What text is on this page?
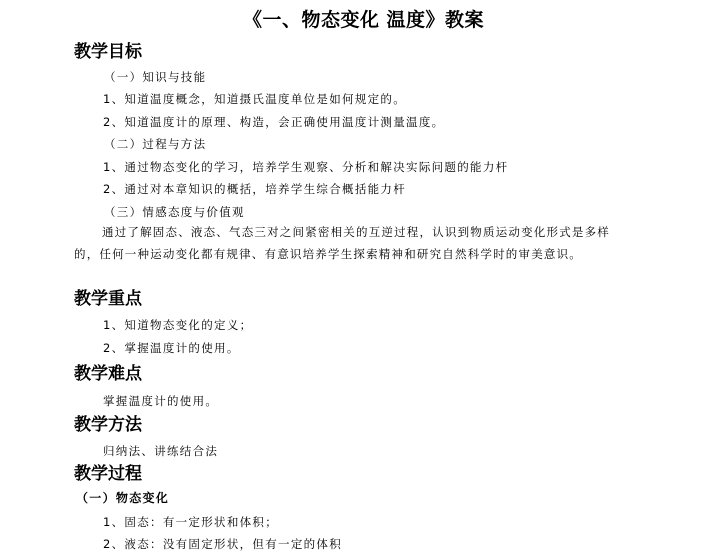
《一、物态变化 温度》教案
教学目标
（一）知识与技能
1、知道温度概念，知道摄氏温度单位是如何规定的。
2、知道温度计的原理、构造，会正确使用温度计测量温度。
（二）过程与方法
1、通过物态变化的学习，培养学生观察、分析和解决实际问题的能力杆
2、通过对本章知识的概括，培养学生综合概括能力杆
（三）情感态度与价值观
通过了解固态、液态、气态三对之间紧密相关的互逆过程，认识到物质运动变化形式是多样的，任何一种运动变化都有规律、有意识培养学生探索精神和研究自然科学时的审美意识。
教学重点
1、知道物态变化的定义；
2、掌握温度计的使用。
教学难点
掌握温度计的使用。
教学方法
归纳法、讲练结合法
教学过程
（一）物态变化
1、固态：有一定形状和体积；
2、液态：没有固定形状，但有一定的体积
